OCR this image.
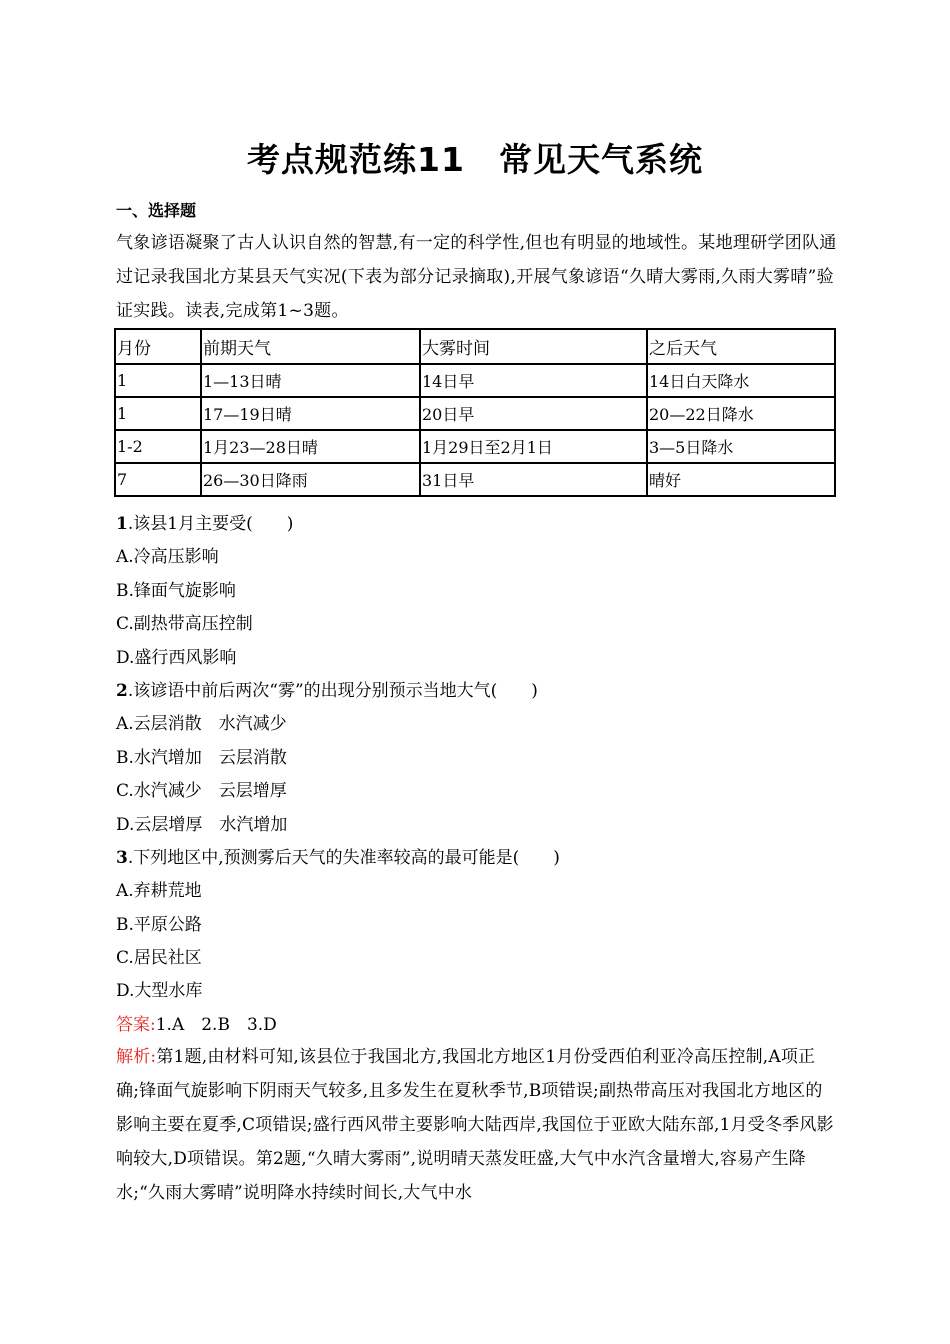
考点规范练11　常见天气系统
一、选择题
气象谚语凝聚了古人认识自然的智慧,有一定的科学性,但也有明显的地域性。某地理研学团队通过记录我国北方某县天气实况(下表为部分记录摘取),开展气象谚语“久晴大雾雨,久雨大雾晴”验证实践。读表,完成第1~3题。
月份	前期天气	大雾时间	之后天气
1	1—13日晴	14日早	14日白天降水
1	17—19日晴	20日早	20—22日降水
1-2	1月23—28日晴	1月29日至2月1日	3—5日降水
7	26—30日降雨	31日早	晴好
1.该县1月主要受(　　)
A.冷高压影响
B.锋面气旋影响
C.副热带高压控制
D.盛行西风影响
2.该谚语中前后两次“雾”的出现分别预示当地大气(　　)
A.云层消散　水汽减少
B.水汽增加　云层消散
C.水汽减少　云层增厚
D.云层增厚　水汽增加
3.下列地区中,预测雾后天气的失准率较高的最可能是(　　)
A.弃耕荒地
B.平原公路
C.居民社区
D.大型水库
答案:1.A　2.B　3.D
解析:第1题,由材料可知,该县位于我国北方,我国北方地区1月份受西伯利亚冷高压控制,A项正确;锋面气旋影响下阴雨天气较多,且多发生在夏秋季节,B项错误;副热带高压对我国北方地区的影响主要在夏季,C项错误;盛行西风带主要影响大陆西岸,我国位于亚欧大陆东部,1月受冬季风影响较大,D项错误。第2题,“久晴大雾雨”,说明晴天蒸发旺盛,大气中水汽含量增大,容易产生降水;“久雨大雾晴”说明降水持续时间长,大气中水
